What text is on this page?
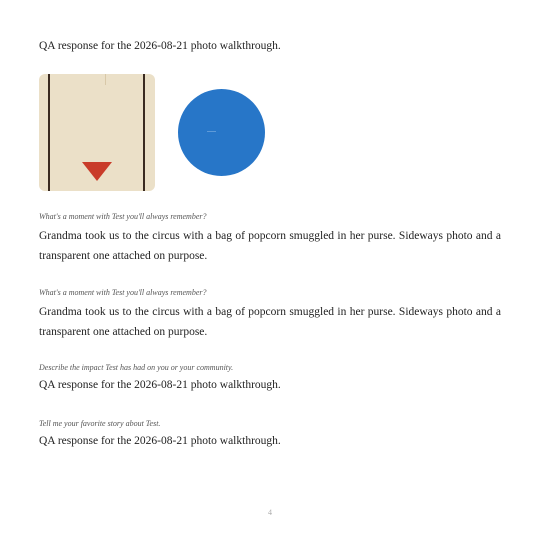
QA response for the 2026-08-21 photo walkthrough.

What's a moment with Test you'll always remember?

Grandma took us to the circus with a bag of popcorn smuggled in her purse. Sideways photo and a transparent one attached on purpose.

What's a moment with Test you'll always remember?

Grandma took us to the circus with a bag of popcorn smuggled in her purse. Sideways photo and a transparent one attached on purpose.

Describe the impact Test has had on you or your community.

QA response for the 2026-08-21 photo walkthrough.

Tell me your favorite story about Test.

QA response for the 2026-08-21 photo walkthrough.

4
